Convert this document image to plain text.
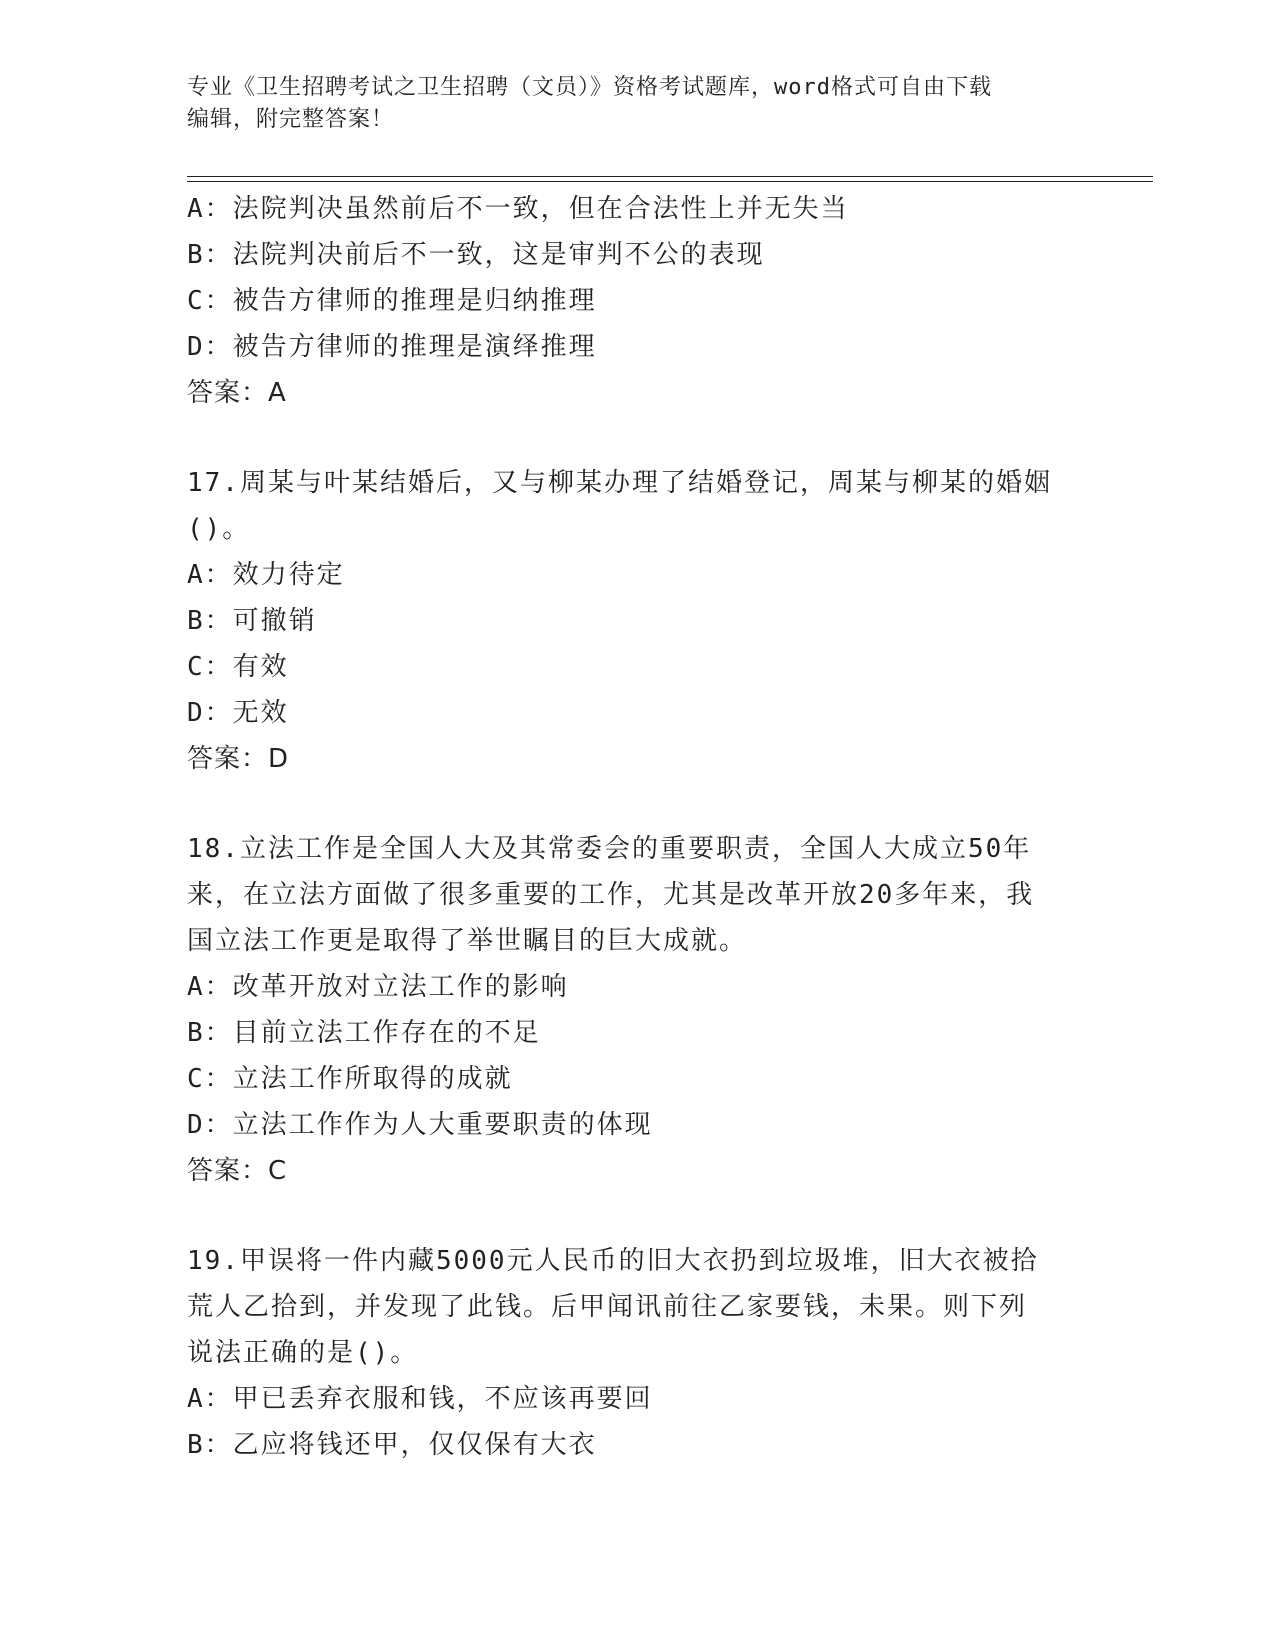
专业《卫生招聘考试之卫生招聘（文员）》资格考试题库，word格式可自由下载
编辑，附完整答案！
A：法院判决虽然前后不一致，但在合法性上并无失当
B：法院判决前后不一致，这是审判不公的表现
C：被告方律师的推理是归纳推理
D：被告方律师的推理是演绎推理
答案：A
17.周某与叶某结婚后，又与柳某办理了结婚登记，周某与柳某的婚姻
()。
A：效力待定
B：可撤销
C：有效
D：无效
答案：D
18.立法工作是全国人大及其常委会的重要职责，全国人大成立50年
来，在立法方面做了很多重要的工作，尤其是改革开放20多年来，我
国立法工作更是取得了举世瞩目的巨大成就。
A：改革开放对立法工作的影响
B：目前立法工作存在的不足
C：立法工作所取得的成就
D：立法工作作为人大重要职责的体现
答案：C
19.甲误将一件内藏5000元人民币的旧大衣扔到垃圾堆，旧大衣被拾
荒人乙拾到，并发现了此钱。后甲闻讯前往乙家要钱，未果。则下列
说法正确的是()。
A：甲已丢弃衣服和钱，不应该再要回
B：乙应将钱还甲，仅仅保有大衣
